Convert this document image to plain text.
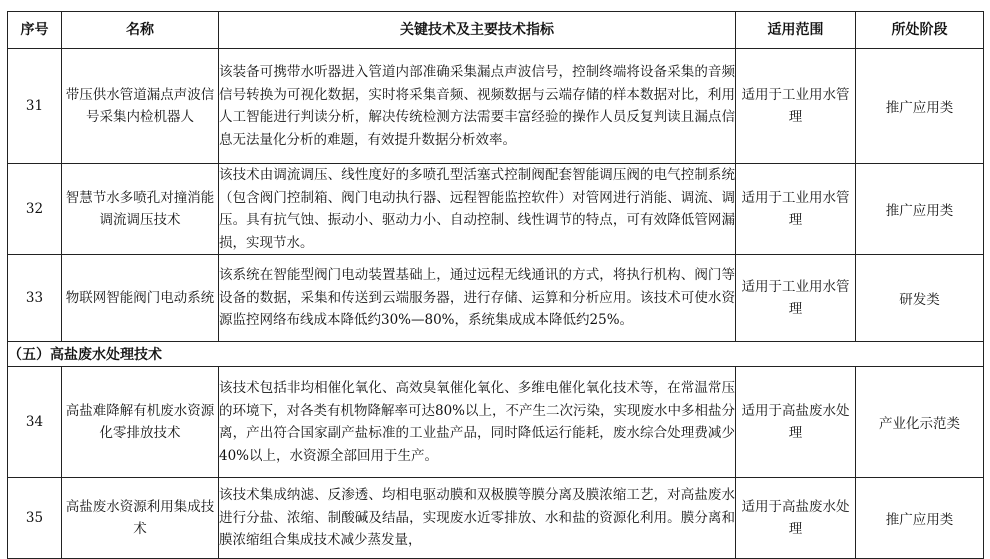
序号	名称	关键技术及主要技术指标	适用范围	所处阶段
31	带压供水管道漏点声波信号采集内检机器人	该装备可携带水听器进入管道内部准确采集漏点声波信号，控制终端将设备采集的音频信号转换为可视化数据，实时将采集音频、视频数据与云端存储的样本数据对比，利用人工智能进行判读分析，解决传统检测方法需要丰富经验的操作人员反复判读且漏点信息无法量化分析的难题，有效提升数据分析效率。	适用于工业用水管理	推广应用类
32	智慧节水多喷孔对撞消能调流调压技术	该技术由调流调压、线性度好的多喷孔型活塞式控制阀配套智能调压阀的电气控制系统（包含阀门控制箱、阀门电动执行器、远程智能监控软件）对管网进行消能、调流、调压。具有抗气蚀、振动小、驱动力小、自动控制、线性调节的特点，可有效降低管网漏损，实现节水。	适用于工业用水管理	推广应用类
33	物联网智能阀门电动系统	该系统在智能型阀门电动装置基础上，通过远程无线通讯的方式，将执行机构、阀门等设备的数据，采集和传送到云端服务器，进行存储、运算和分析应用。该技术可使水资源监控网络布线成本降低约30%—80%，系统集成成本降低约25%。	适用于工业用水管理	研发类
（五）高盐废水处理技术				
34	高盐难降解有机废水资源化零排放技术	该技术包括非均相催化氧化、高效臭氧催化氧化、多维电催化氧化技术等，在常温常压的环境下，对各类有机物降解率可达80%以上，不产生二次污染，实现废水中多相盐分离，产出符合国家副产盐标准的工业盐产品，同时降低运行能耗，废水综合处理费减少40%以上，水资源全部回用于生产。	适用于高盐废水处理	产业化示范类
35	高盐废水资源利用集成技术	该技术集成纳滤、反渗透、均相电驱动膜和双极膜等膜分离及膜浓缩工艺，对高盐废水进行分盐、浓缩、制酸碱及结晶，实现废水近零排放、水和盐的资源化利用。膜分离和膜浓缩组合集成技术减少蒸发量，	适用于高盐废水处理	推广应用类
